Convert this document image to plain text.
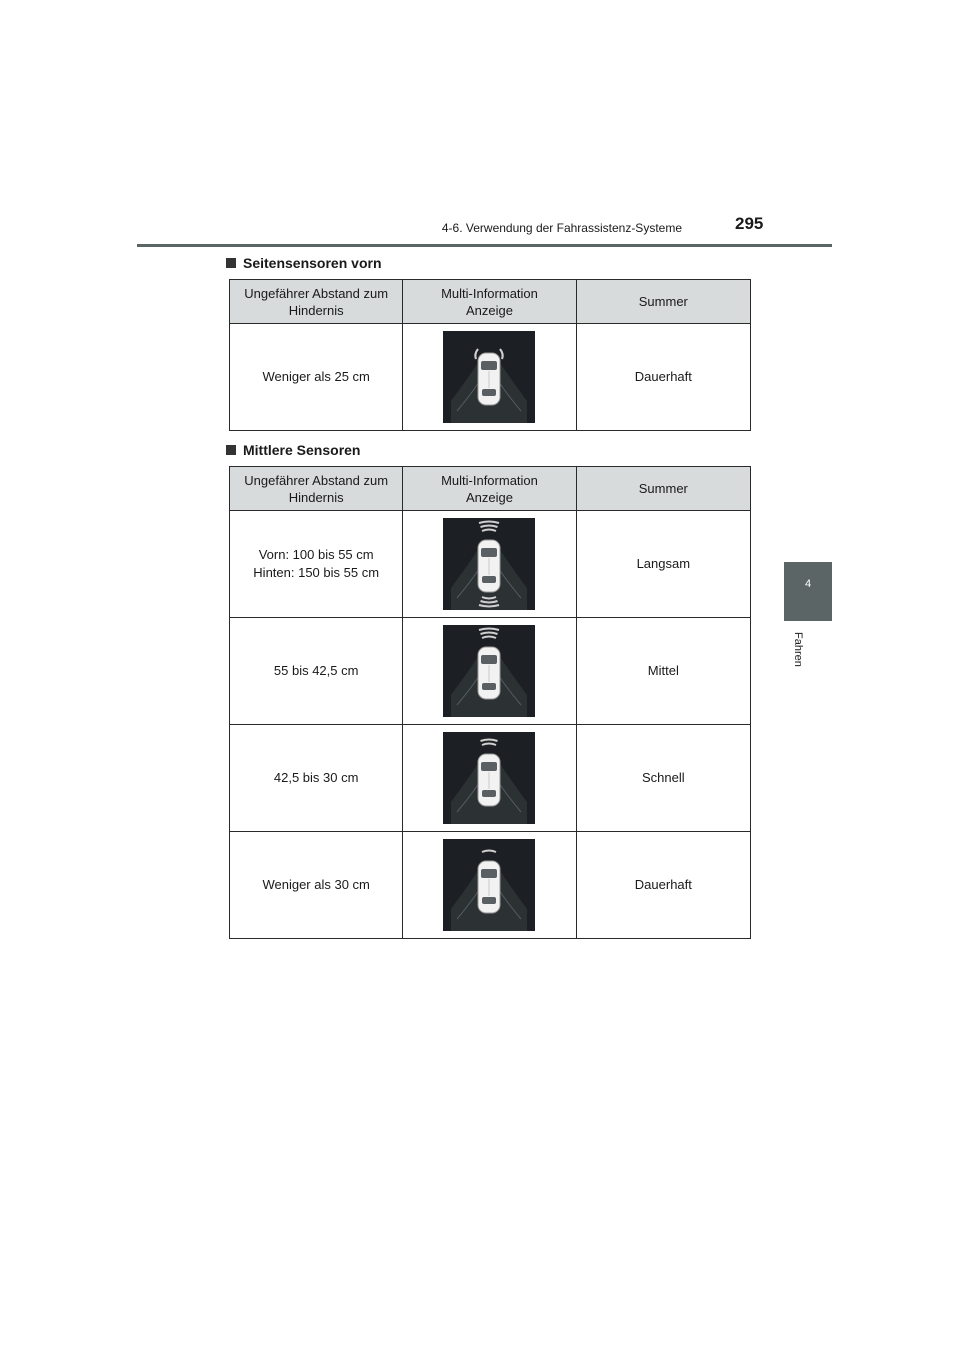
4-6. Verwendung der Fahrassistenz-Systeme	295
4
Fahren
Seitensensoren vorn
Ungefährer Abstand zum Hindernis	Multi-Information Anzeige	Summer
Weniger als 25 cm		Dauerhaft
Mittlere Sensoren
Ungefährer Abstand zum Hindernis	Multi-Information Anzeige	Summer

Vorn: 100 bis 55 cm
Hinten: 150 bis 55 cm		Langsam
55 bis 42,5 cm		Mittel
42,5 bis 30 cm		Schnell
Weniger als 30 cm		Dauerhaft
